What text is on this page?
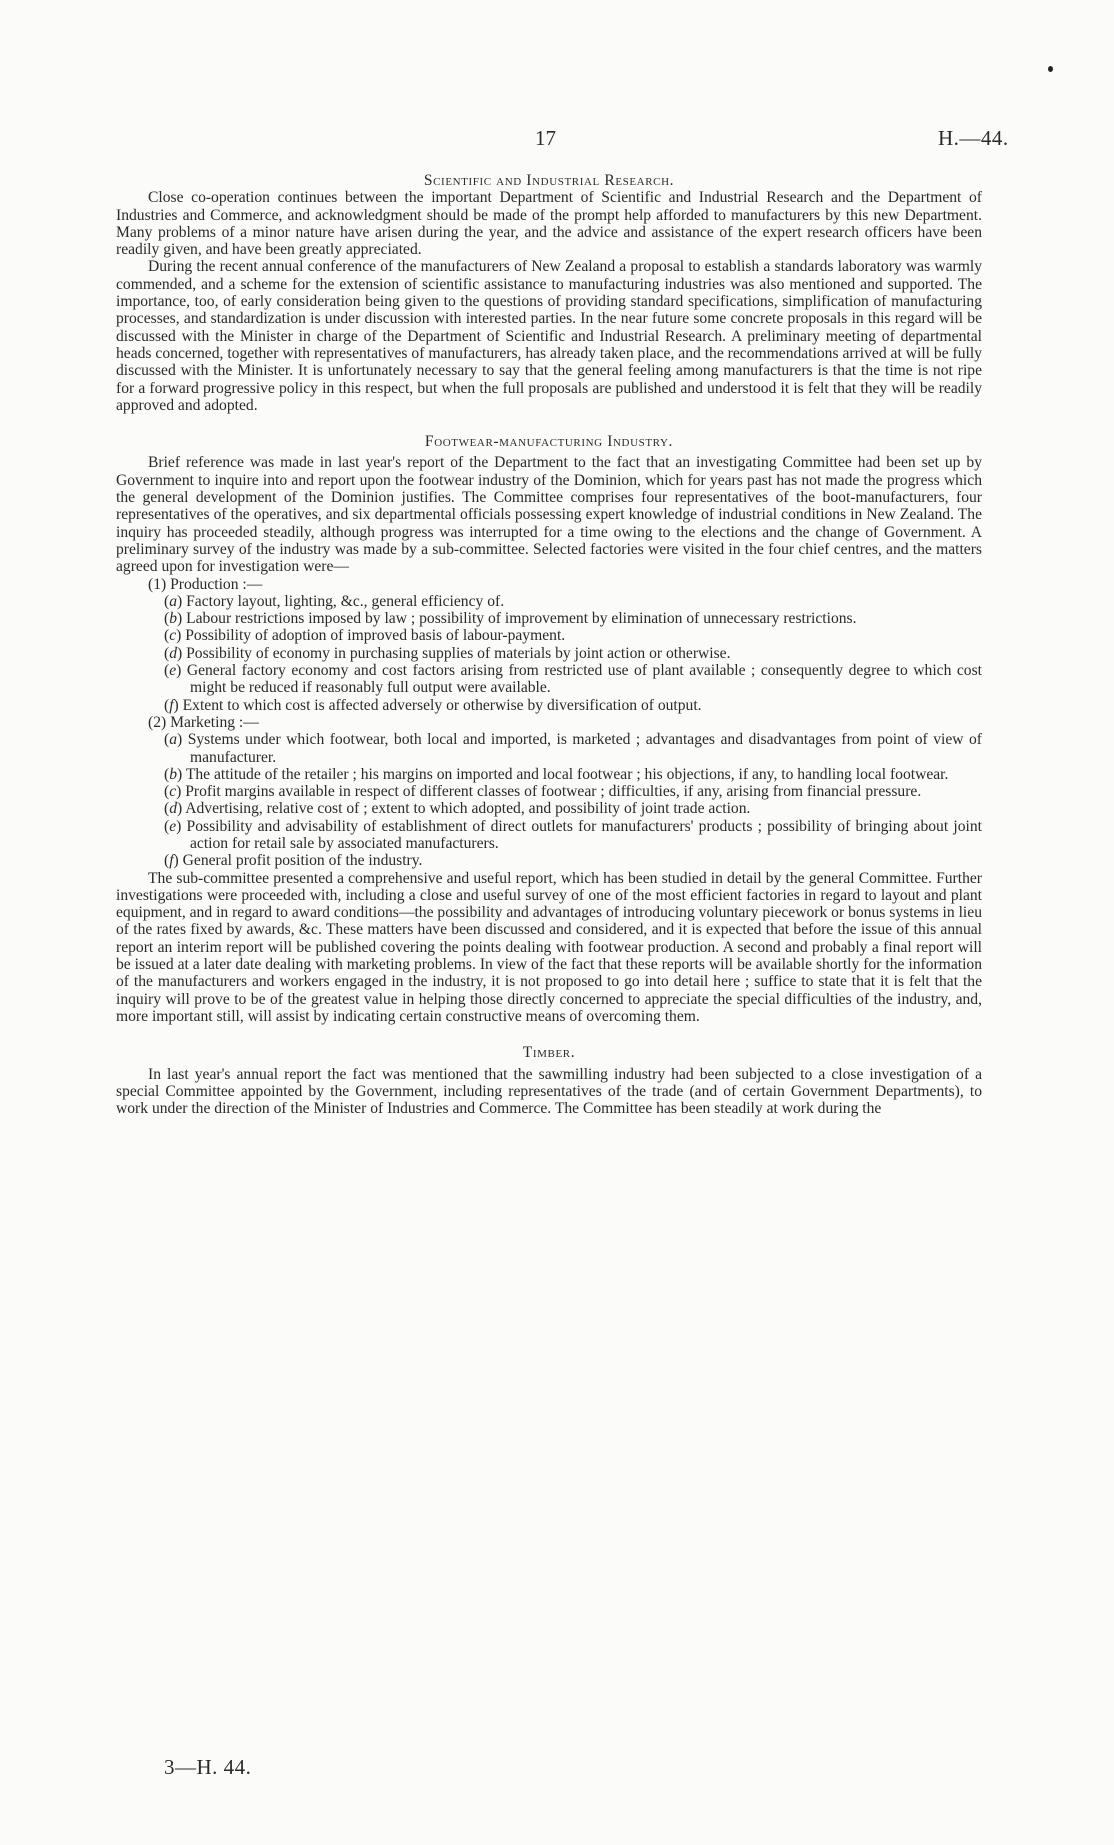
17	H.—44.
Scientific and Industrial Research.

Close co-operation continues between the important Department of Scientific and Industrial Research and the Department of Industries and Commerce, and acknowledgment should be made of the prompt help afforded to manufacturers by this new Department. Many problems of a minor nature have arisen during the year, and the advice and assistance of the expert research officers have been readily given, and have been greatly appreciated.

During the recent annual conference of the manufacturers of New Zealand a proposal to establish a standards laboratory was warmly commended, and a scheme for the extension of scientific assistance to manufacturing industries was also mentioned and supported. The importance, too, of early consideration being given to the questions of providing standard specifications, simplification of manufacturing processes, and standardization is under discussion with interested parties. In the near future some concrete proposals in this regard will be discussed with the Minister in charge of the Department of Scientific and Industrial Research. A preliminary meeting of departmental heads concerned, together with representatives of manufacturers, has already taken place, and the recommendations arrived at will be fully discussed with the Minister. It is unfortunately necessary to say that the general feeling among manufacturers is that the time is not ripe for a forward progressive policy in this respect, but when the full proposals are published and understood it is felt that they will be readily approved and adopted.

Footwear-manufacturing Industry.

Brief reference was made in last year's report of the Department to the fact that an investigating Committee had been set up by Government to inquire into and report upon the footwear industry of the Dominion, which for years past has not made the progress which the general development of the Dominion justifies. The Committee comprises four representatives of the boot-manufacturers, four representatives of the operatives, and six departmental officials possessing expert knowledge of industrial conditions in New Zealand. The inquiry has proceeded steadily, although progress was interrupted for a time owing to the elections and the change of Government. A preliminary survey of the industry was made by a sub-committee. Selected factories were visited in the four chief centres, and the matters agreed upon for investigation were—

(1) Production :—
(a) Factory layout, lighting, &c., general efficiency of.
(b) Labour restrictions imposed by law ; possibility of improvement by elimination of unnecessary restrictions.
(c) Possibility of adoption of improved basis of labour-payment.
(d) Possibility of economy in purchasing supplies of materials by joint action or otherwise.
(e) General factory economy and cost factors arising from restricted use of plant available ; consequently degree to which cost might be reduced if reasonably full output were available.
(f) Extent to which cost is affected adversely or otherwise by diversification of output.
(2) Marketing :—
(a) Systems under which footwear, both local and imported, is marketed ; advantages and disadvantages from point of view of manufacturer.
(b) The attitude of the retailer ; his margins on imported and local footwear ; his objections, if any, to handling local footwear.
(c) Profit margins available in respect of different classes of footwear ; difficulties, if any, arising from financial pressure.
(d) Advertising, relative cost of ; extent to which adopted, and possibility of joint trade action.
(e) Possibility and advisability of establishment of direct outlets for manufacturers' products ; possibility of bringing about joint action for retail sale by associated manufacturers.
(f) General profit position of the industry.

The sub-committee presented a comprehensive and useful report, which has been studied in detail by the general Committee. Further investigations were proceeded with, including a close and useful survey of one of the most efficient factories in regard to layout and plant equipment, and in regard to award conditions—the possibility and advantages of introducing voluntary piecework or bonus systems in lieu of the rates fixed by awards, &c. These matters have been discussed and considered, and it is expected that before the issue of this annual report an interim report will be published covering the points dealing with footwear production. A second and probably a final report will be issued at a later date dealing with marketing problems. In view of the fact that these reports will be available shortly for the information of the manufacturers and workers engaged in the industry, it is not proposed to go into detail here ; suffice to state that it is felt that the inquiry will prove to be of the greatest value in helping those directly concerned to appreciate the special difficulties of the industry, and, more important still, will assist by indicating certain constructive means of overcoming them.

Timber.

In last year's annual report the fact was mentioned that the sawmilling industry had been subjected to a close investigation of a special Committee appointed by the Government, including representatives of the trade (and of certain Government Departments), to work under the direction of the Minister of Industries and Commerce. The Committee has been steadily at work during the

3—H. 44.
